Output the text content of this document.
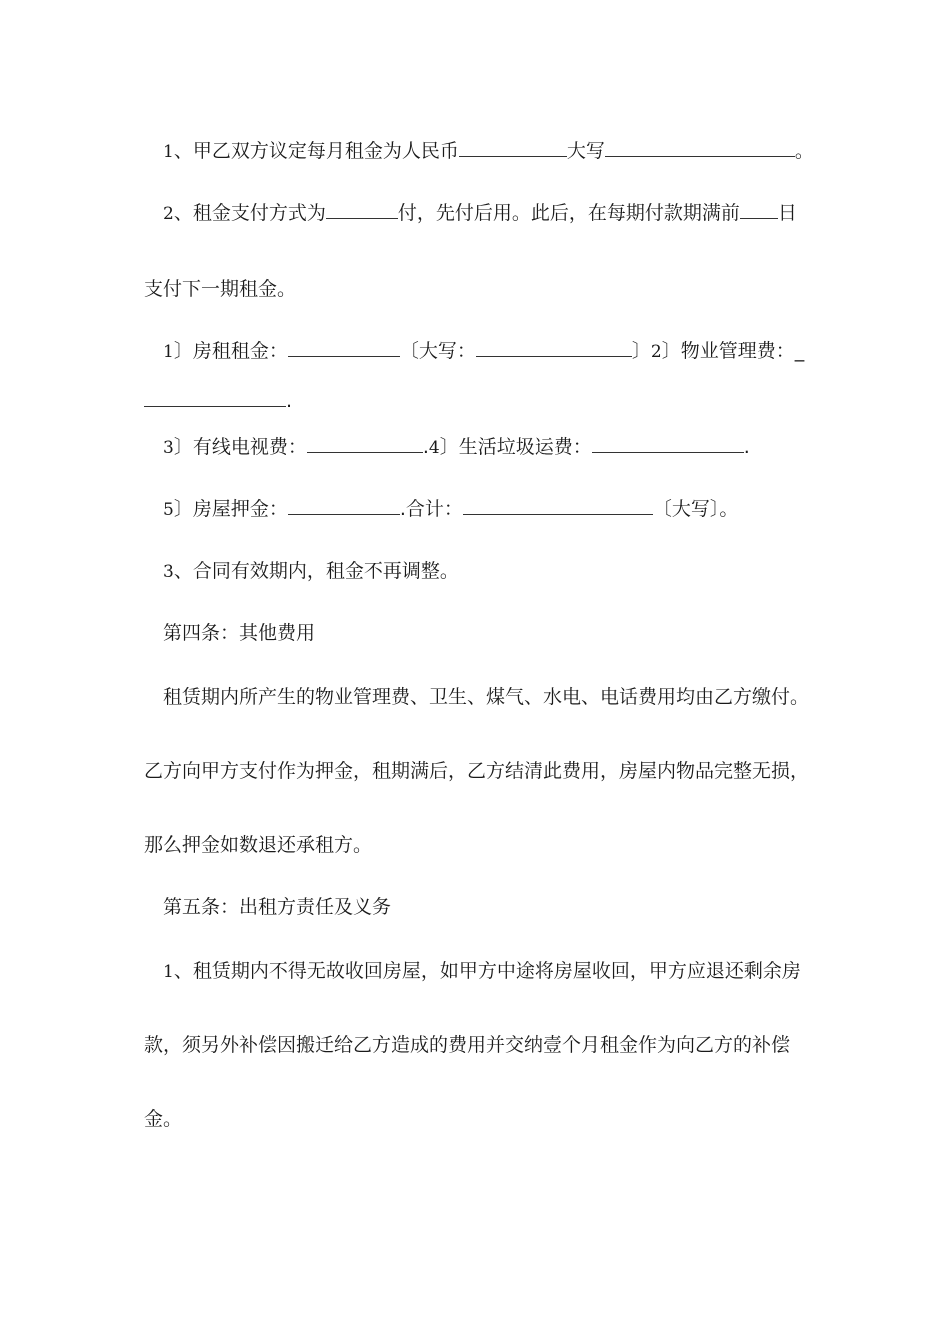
1、甲乙双方议定每月租金为人民币	大写	。
2、租金支付方式为	付，先付后用。此后，在每期付款期满前 日
支付下一期租金。
1〕房租租金：	〔大写：	〕2〕物业管理费：_
.
3〕有线电视费：	.4〕生活垃圾运费：	.
5〕房屋押金：	.合计：	〔大写〕。
3、合同有效期内，租金不再调整。
第四条：其他费用
租赁期内所产生的物业管理费、卫生、煤气、水电、电话费用均由乙方缴付。
乙方向甲方支付作为押金，租期满后，乙方结清此费用，房屋内物品完整无损，
那么押金如数退还承租方。
第五条：出租方责任及义务
1、租赁期内不得无故收回房屋，如甲方中途将房屋收回，甲方应退还剩余房
款，须另外补偿因搬迁给乙方造成的费用并交纳壹个月租金作为向乙方的补偿
金。
